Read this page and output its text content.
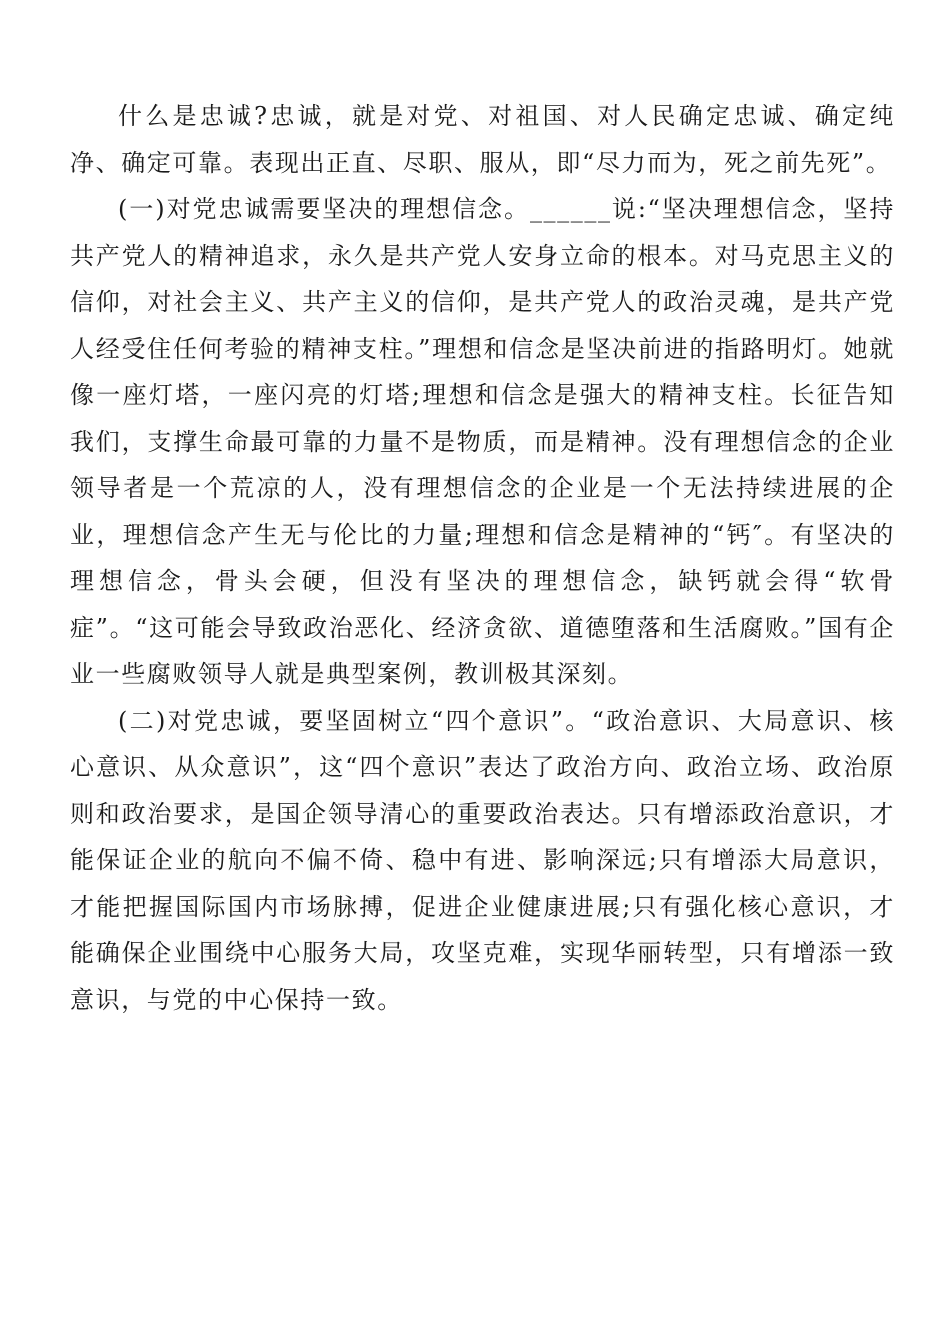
什么是忠诚?忠诚，就是对党、对祖国、对人民确定忠诚、确定纯净、确定可靠。表现出正直、尽职、服从，即“尽力而为，死之前先死”。

(一)对党忠诚需要坚决的理想信念。______说:“坚决理想信念，坚持共产党人的精神追求，永久是共产党人安身立命的根本。对马克思主义的信仰，对社会主义、共产主义的信仰，是共产党人的政治灵魂，是共产党人经受住任何考验的精神支柱。”理想和信念是坚决前进的指路明灯。她就像一座灯塔，一座闪亮的灯塔;理想和信念是强大的精神支柱。长征告知我们，支撑生命最可靠的力量不是物质，而是精神。没有理想信念的企业领导者是一个荒凉的人，没有理想信念的企业是一个无法持续进展的企业，理想信念产生无与伦比的力量;理想和信念是精神的“钙″。有坚决的理想信念，骨头会硬，但没有坚决的理想信念，缺钙就会得“软骨症”。“这可能会导致政治恶化、经济贪欲、道德堕落和生活腐败。”国有企业一些腐败领导人就是典型案例，教训极其深刻。

(二)对党忠诚，要坚固树立“四个意识”。“政治意识、大局意识、核心意识、从众意识”，这“四个意识”表达了政治方向、政治立场、政治原则和政治要求，是国企领导清心的重要政治表达。只有增添政治意识，才能保证企业的航向不偏不倚、稳中有进、影响深远;只有增添大局意识，才能把握国际国内市场脉搏，促进企业健康进展;只有强化核心意识，才能确保企业围绕中心服务大局，攻坚克难，实现华丽转型，只有增添一致意识，与党的中心保持一致。
